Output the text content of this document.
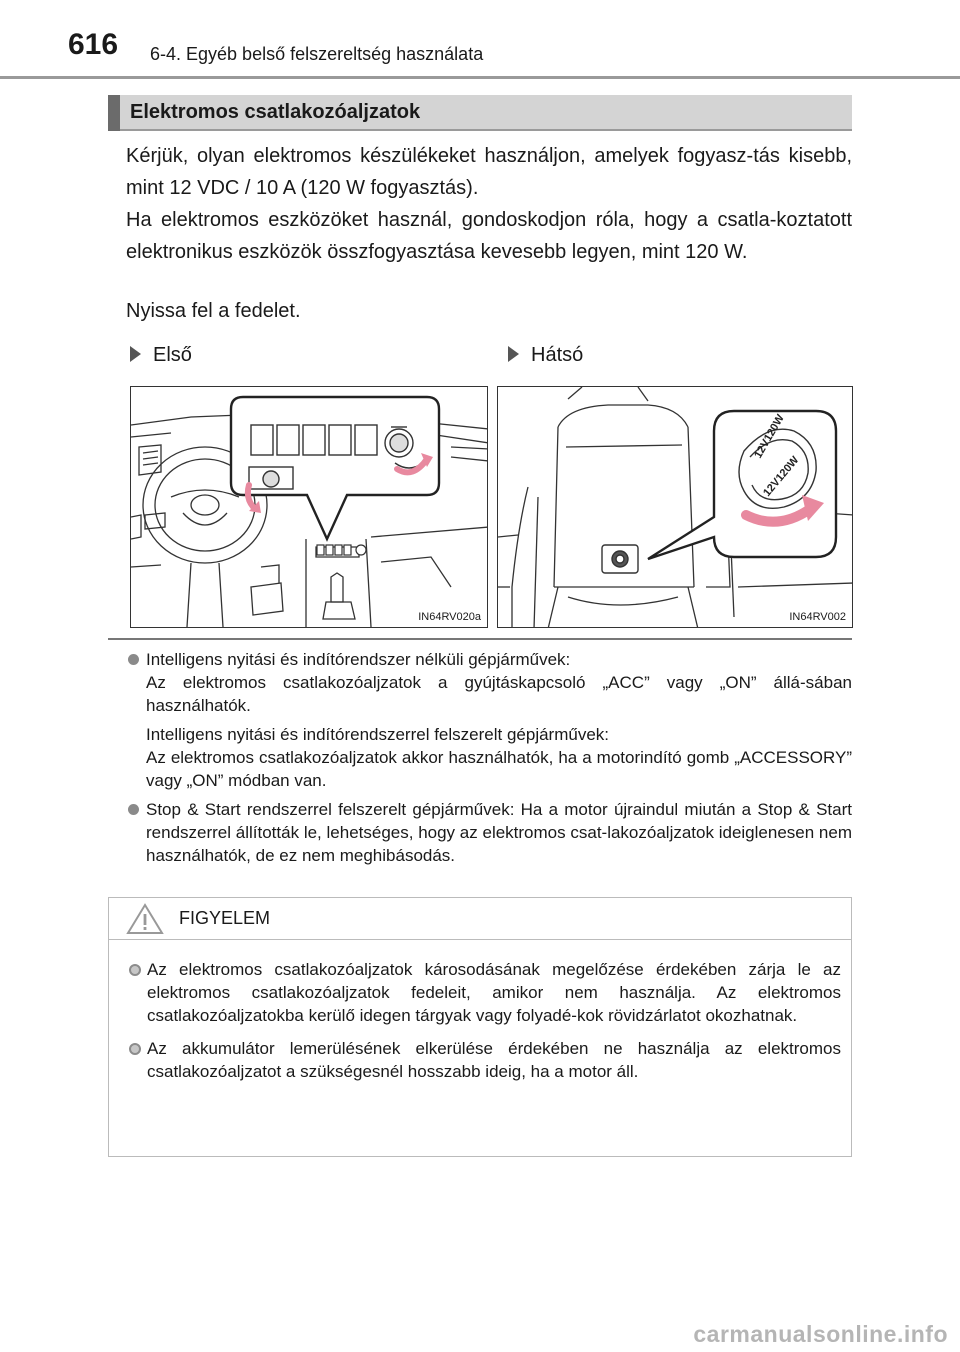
616 6-4. Egyéb belső felszereltség használata
Elektromos csatlakozóaljzatok

Kérjük, olyan elektromos készülékeket használjon, amelyek fogyasz-tás kisebb, mint 12 VDC / 10 A (120 W fogyasztás).

Ha elektromos eszközöket használ, gondoskodjon róla, hogy a csatla-koztatott elektronikus eszközök összfogyasztása kevesebb legyen, mint 120 W.

Nyissa fel a fedelet.
Első	Hátsó
IN64RV020a
12V120W
12V120W
IN64RV002
Intelligens nyitási és indítórendszer nélküli gépjárművek:

Az elektromos csatlakozóaljzatok a gyújtáskapcsoló „ACC” vagy „ON” állá-sában használhatók.

Intelligens nyitási és indítórendszerrel felszerelt gépjárművek:

Az elektromos csatlakozóaljzatok akkor használhatók, ha a motorindító gomb „ACCESSORY” vagy „ON” módban van.

Stop & Start rendszerrel felszerelt gépjárművek: Ha a motor újraindul miután a Stop & Start rendszerrel állították le, lehetséges, hogy az elektromos csat-lakozóaljzatok ideiglenesen nem használhatók, de ez nem meghibásodás.
FIGYELEM
Az elektromos csatlakozóaljzatok károsodásának megelőzése érdekében zárja le az elektromos csatlakozóaljzatok fedeleit, amikor nem használja. Az elektromos csatlakozóaljzatokba kerülő idegen tárgyak vagy folyadé-kok rövidzárlatot okozhatnak.
Az akkumulátor lemerülésének elkerülése érdekében ne használja az elektromos csatlakozóaljzatot a szükségesnél hosszabb ideig, ha a motor áll.
carmanualsonline.info
